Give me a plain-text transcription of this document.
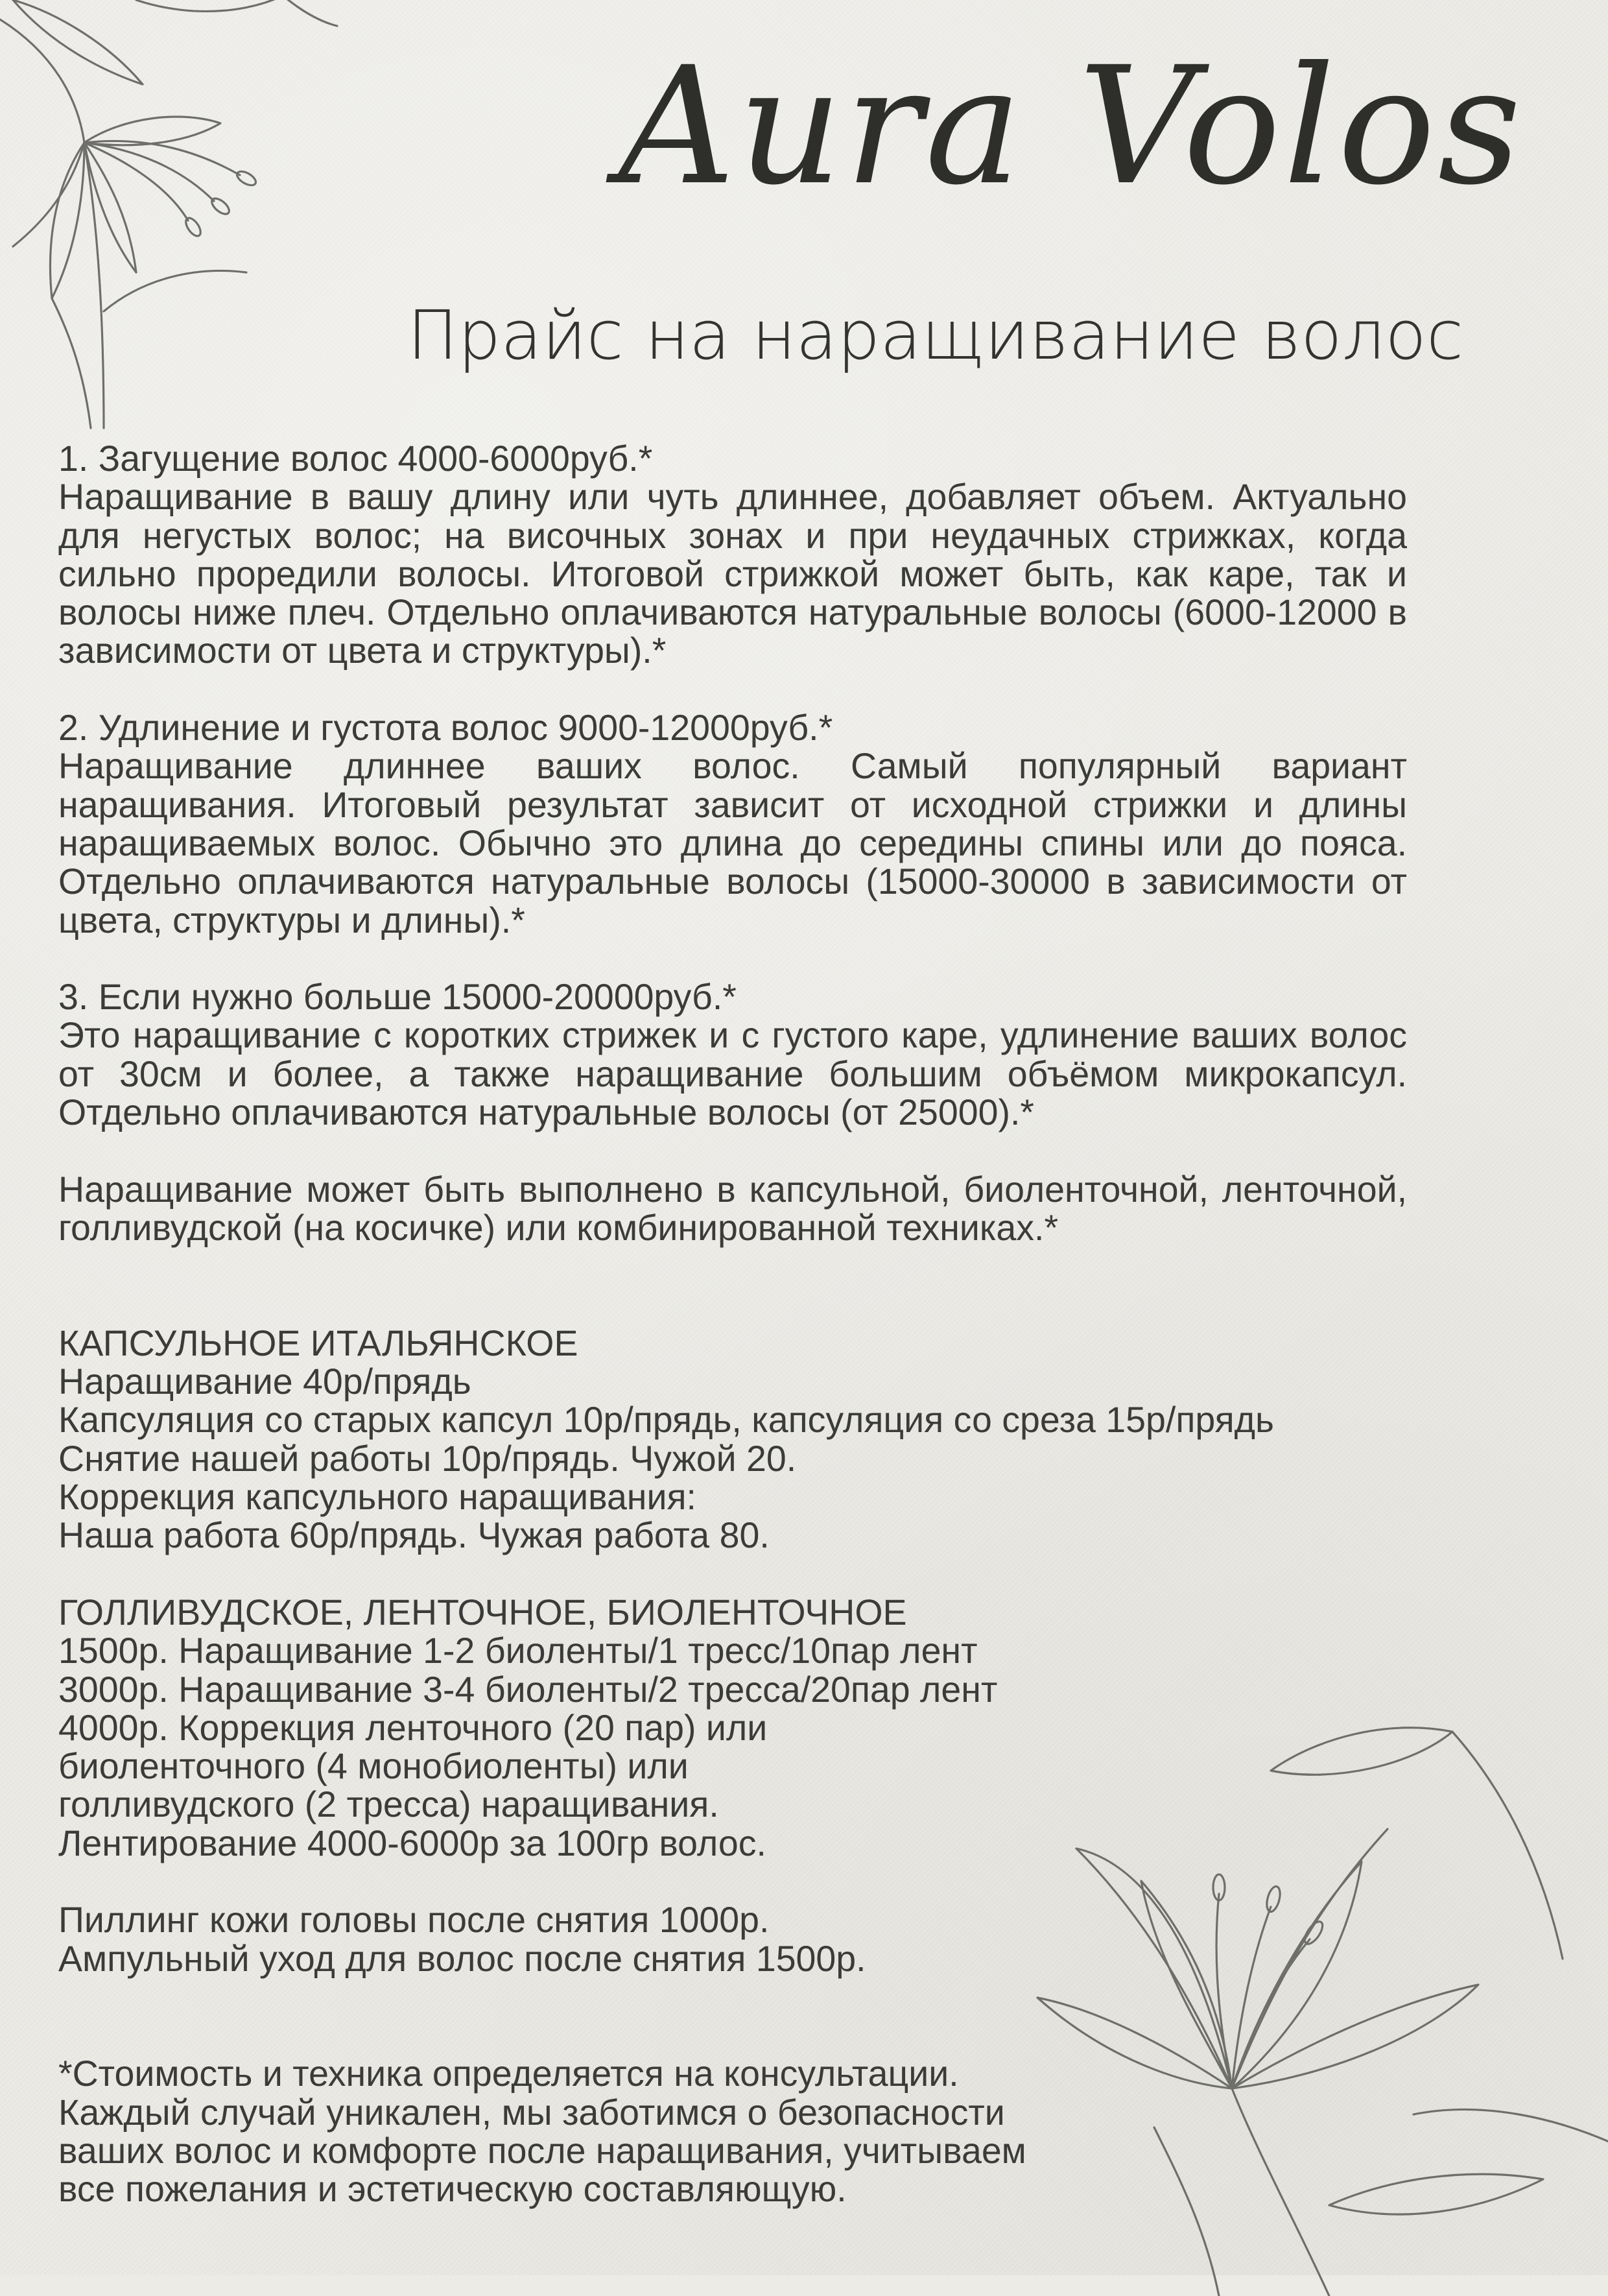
Aura Volos
Прайс на наращивание волос
1. Загущение волос 4000-6000руб.*
Наращивание в вашу длину или чуть длиннее, добавляет объем. Актуально для негустых волос; на височных зонах и при неудачных стрижках, когда сильно проредили волосы. Итоговой стрижкой может быть, как каре, так и волосы ниже плеч. Отдельно оплачиваются натуральные волосы (6000-12000 в зависимости от цвета и структуры).*
2. Удлинение и густота волос 9000-12000руб.*
Наращивание длиннее ваших волос. Самый популярный вариант наращивания. Итоговый результат зависит от исходной стрижки и длины наращиваемых волос. Обычно это длина до середины спины или до пояса. Отдельно оплачиваются натуральные волосы (15000-30000 в зависимости от цвета, структуры и длины).*
3. Если нужно больше 15000-20000руб.*
Это наращивание с коротких стрижек и с густого каре, удлинение ваших волос от 30см и более, а также наращивание большим объёмом микрокапсул. Отдельно оплачиваются натуральные волосы (от 25000).*
Наращивание может быть выполнено в капсульной, биоленточной, ленточной, голливудской (на косичке) или комбинированной техниках.*
КАПСУЛЬНОЕ ИТАЛЬЯНСКОЕ
Наращивание 40р/прядь
Капсуляция со старых капсул 10р/прядь, капсуляция со среза 15р/прядь
Снятие нашей работы 10р/прядь. Чужой 20.
Коррекция капсульного наращивания:
Наша работа 60р/прядь. Чужая работа 80.
ГОЛЛИВУДСКОЕ, ЛЕНТОЧНОЕ, БИОЛЕНТОЧНОЕ
1500р. Наращивание 1-2 биоленты/1 тресс/10пар лент
3000р. Наращивание 3-4 биоленты/2 тресса/20пар лент
4000р. Коррекция ленточного (20 пар) или
биоленточного (4 монобиоленты) или
голливудского (2 тресса) наращивания.
Лентирование 4000-6000р за 100гр волос.
Пиллинг кожи головы после снятия 1000р.
Ампульный уход для волос после снятия 1500р.
*Стоимость и техника определяется на консультации.
Каждый случай уникален, мы заботимся о безопасности
ваших волос и комфорте после наращивания, учитываем
все пожелания и эстетическую составляющую.
